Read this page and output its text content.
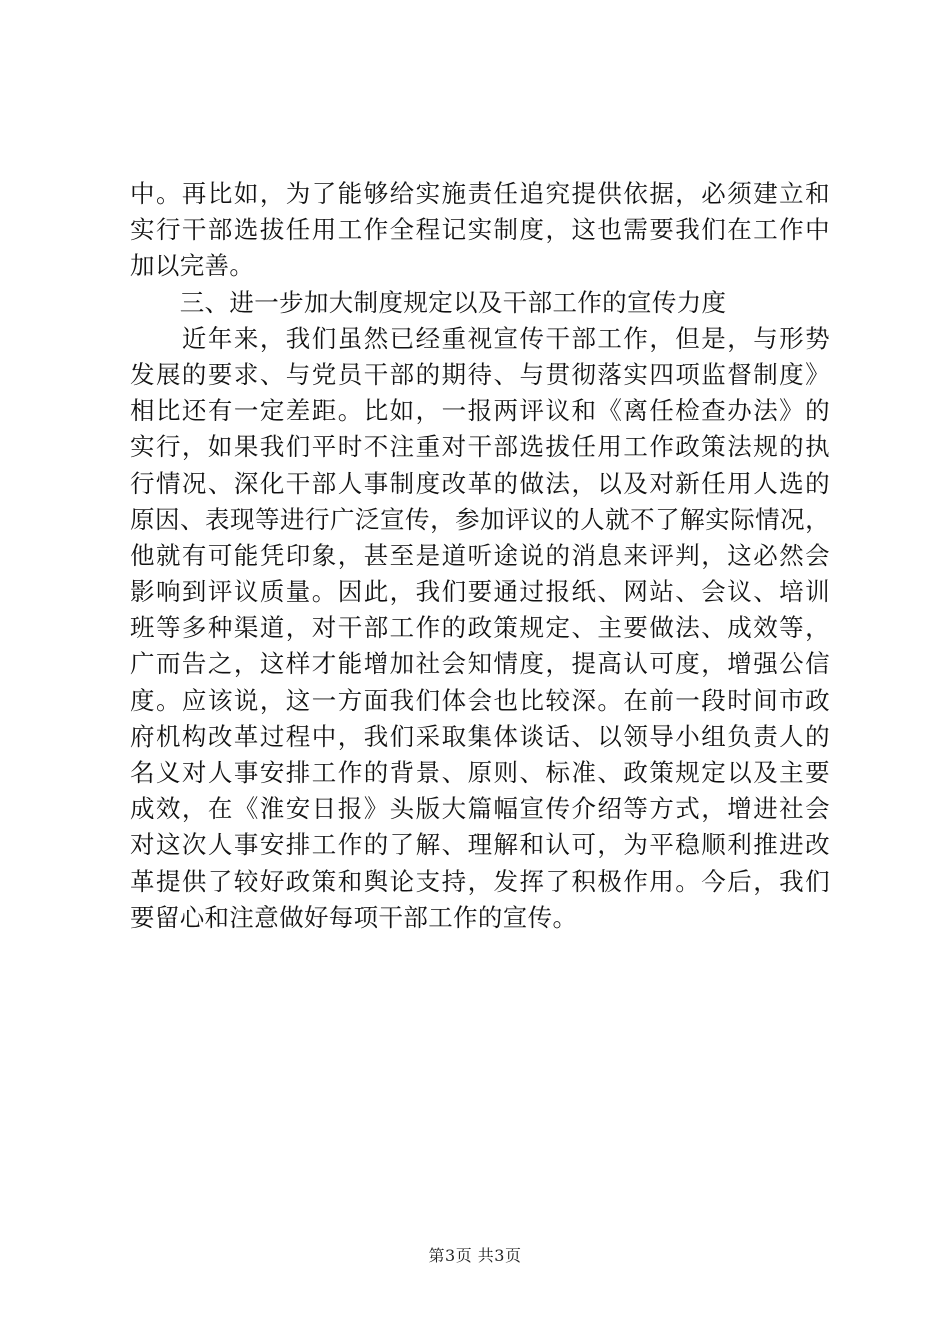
中。再比如，为了能够给实施责任追究提供依据，必须建立和
实行干部选拔任用工作全程记实制度，这也需要我们在工作中
加以完善。
　　三、进一步加大制度规定以及干部工作的宣传力度
　　近年来，我们虽然已经重视宣传干部工作，但是，与形势
发展的要求、与党员干部的期待、与贯彻落实四项监督制度》
相比还有一定差距。比如，一报两评议和《离任检查办法》的
实行，如果我们平时不注重对干部选拔任用工作政策法规的执
行情况、深化干部人事制度改革的做法，以及对新任用人选的
原因、表现等进行广泛宣传，参加评议的人就不了解实际情况，
他就有可能凭印象，甚至是道听途说的消息来评判，这必然会
影响到评议质量。因此，我们要通过报纸、网站、会议、培训
班等多种渠道，对干部工作的政策规定、主要做法、成效等，
广而告之，这样才能增加社会知情度，提高认可度，增强公信
度。应该说，这一方面我们体会也比较深。在前一段时间市政
府机构改革过程中，我们采取集体谈话、以领导小组负责人的
名义对人事安排工作的背景、原则、标准、政策规定以及主要
成效，在《淮安日报》头版大篇幅宣传介绍等方式，增进社会
对这次人事安排工作的了解、理解和认可，为平稳顺利推进改
革提供了较好政策和舆论支持，发挥了积极作用。今后，我们
要留心和注意做好每项干部工作的宣传。
第3页 共3页
